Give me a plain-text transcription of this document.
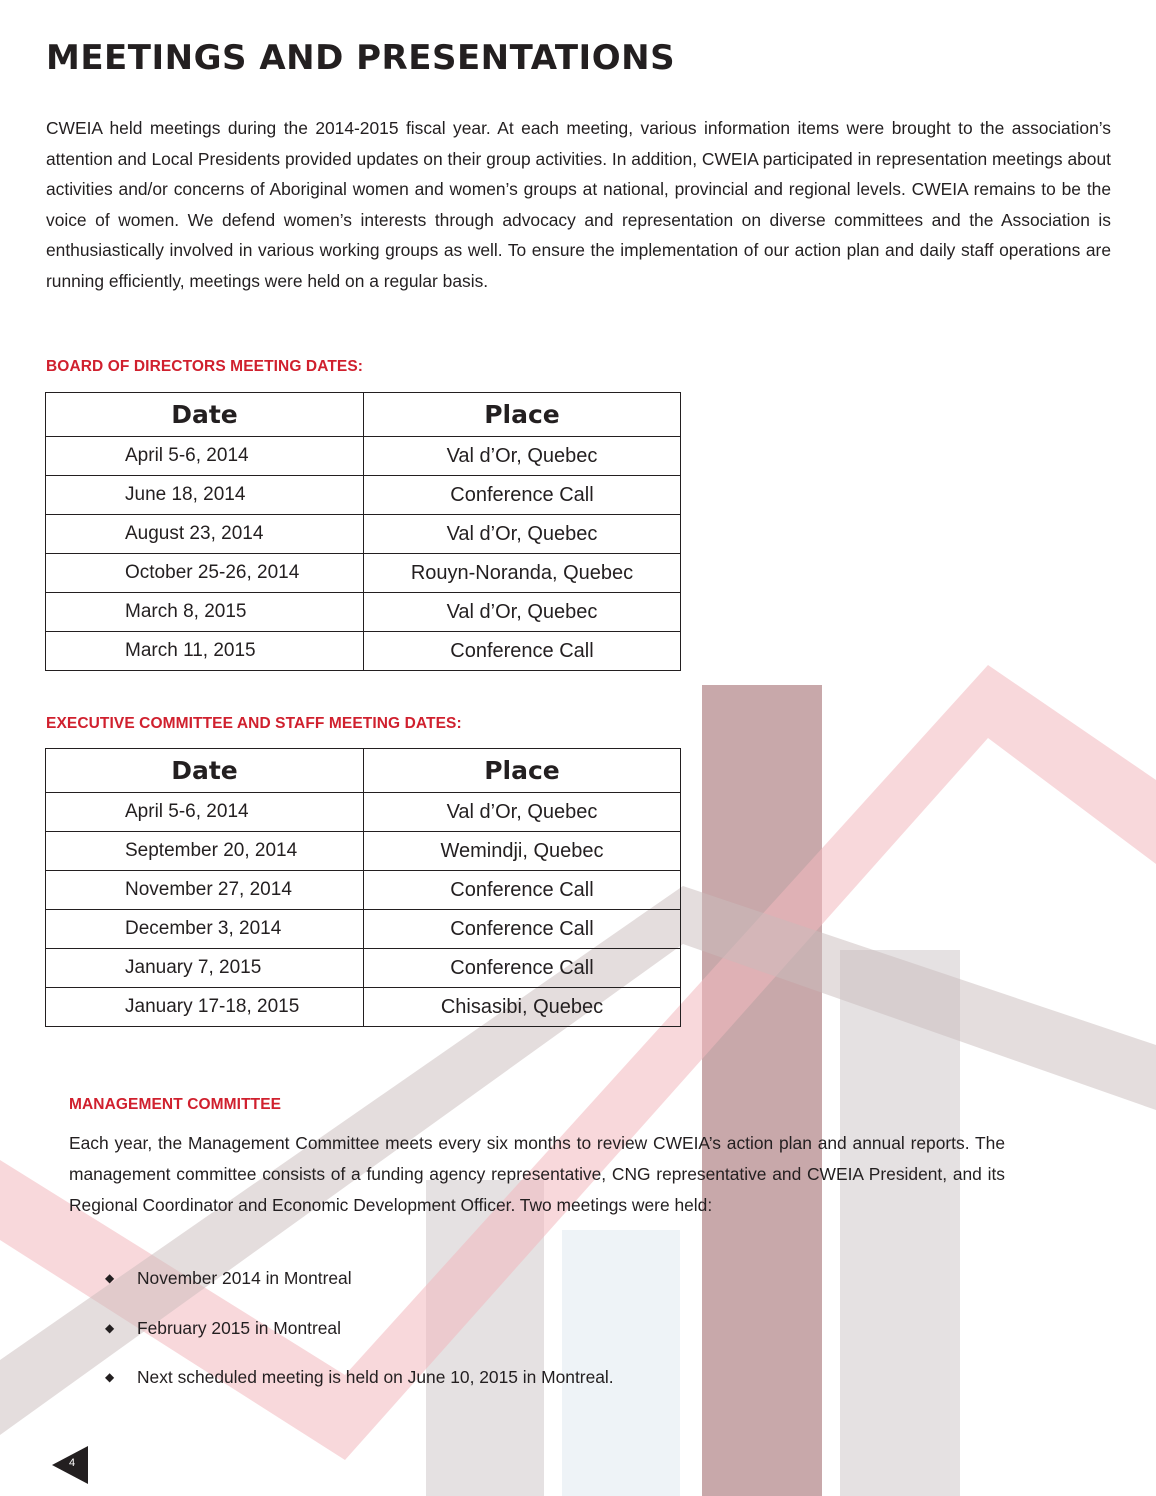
MEETINGS AND PRESENTATIONS

CWEIA held meetings during the 2014-2015 fiscal year. At each meeting, various information items were brought to the association’s attention and Local Presidents provided updates on their group activities. In addition, CWEIA participated in representation meetings about activities and/or concerns of Aboriginal women and women’s groups at national, provincial and regional levels. CWEIA remains to be the voice of women. We defend women’s interests through advocacy and representation on diverse committees and the Association is enthusiastically involved in various working groups as well. To ensure the implementation of our action plan and daily staff operations are running efficiently, meetings were held on a regular basis.

BOARD OF DIRECTORS MEETING DATES:

Date	Place
April 5-6, 2014	Val d’Or, Quebec
June 18, 2014	Conference Call
August 23, 2014	Val d’Or, Quebec
October 25-26, 2014	Rouyn-Noranda, Quebec
March 8, 2015	Val d’Or, Quebec
March 11, 2015	Conference Call

EXECUTIVE COMMITTEE AND STAFF MEETING DATES:

Date	Place
April 5-6, 2014	Val d’Or, Quebec
September 20, 2014	Wemindji, Quebec
November 27, 2014	Conference Call
December 3, 2014	Conference Call
January 7, 2015	Conference Call
January 17-18, 2015	Chisasibi, Quebec

MANAGEMENT COMMITTEE

Each year, the Management Committee meets every six months to review CWEIA’s action plan and annual reports. The management committee consists of a funding agency representative, CNG representative and CWEIA President, and its Regional Coordinator and Economic Development Officer. Two meetings were held:

◆ November 2014 in Montreal
◆ February 2015 in Montreal
◆ Next scheduled meeting is held on June 10, 2015 in Montreal.
4
